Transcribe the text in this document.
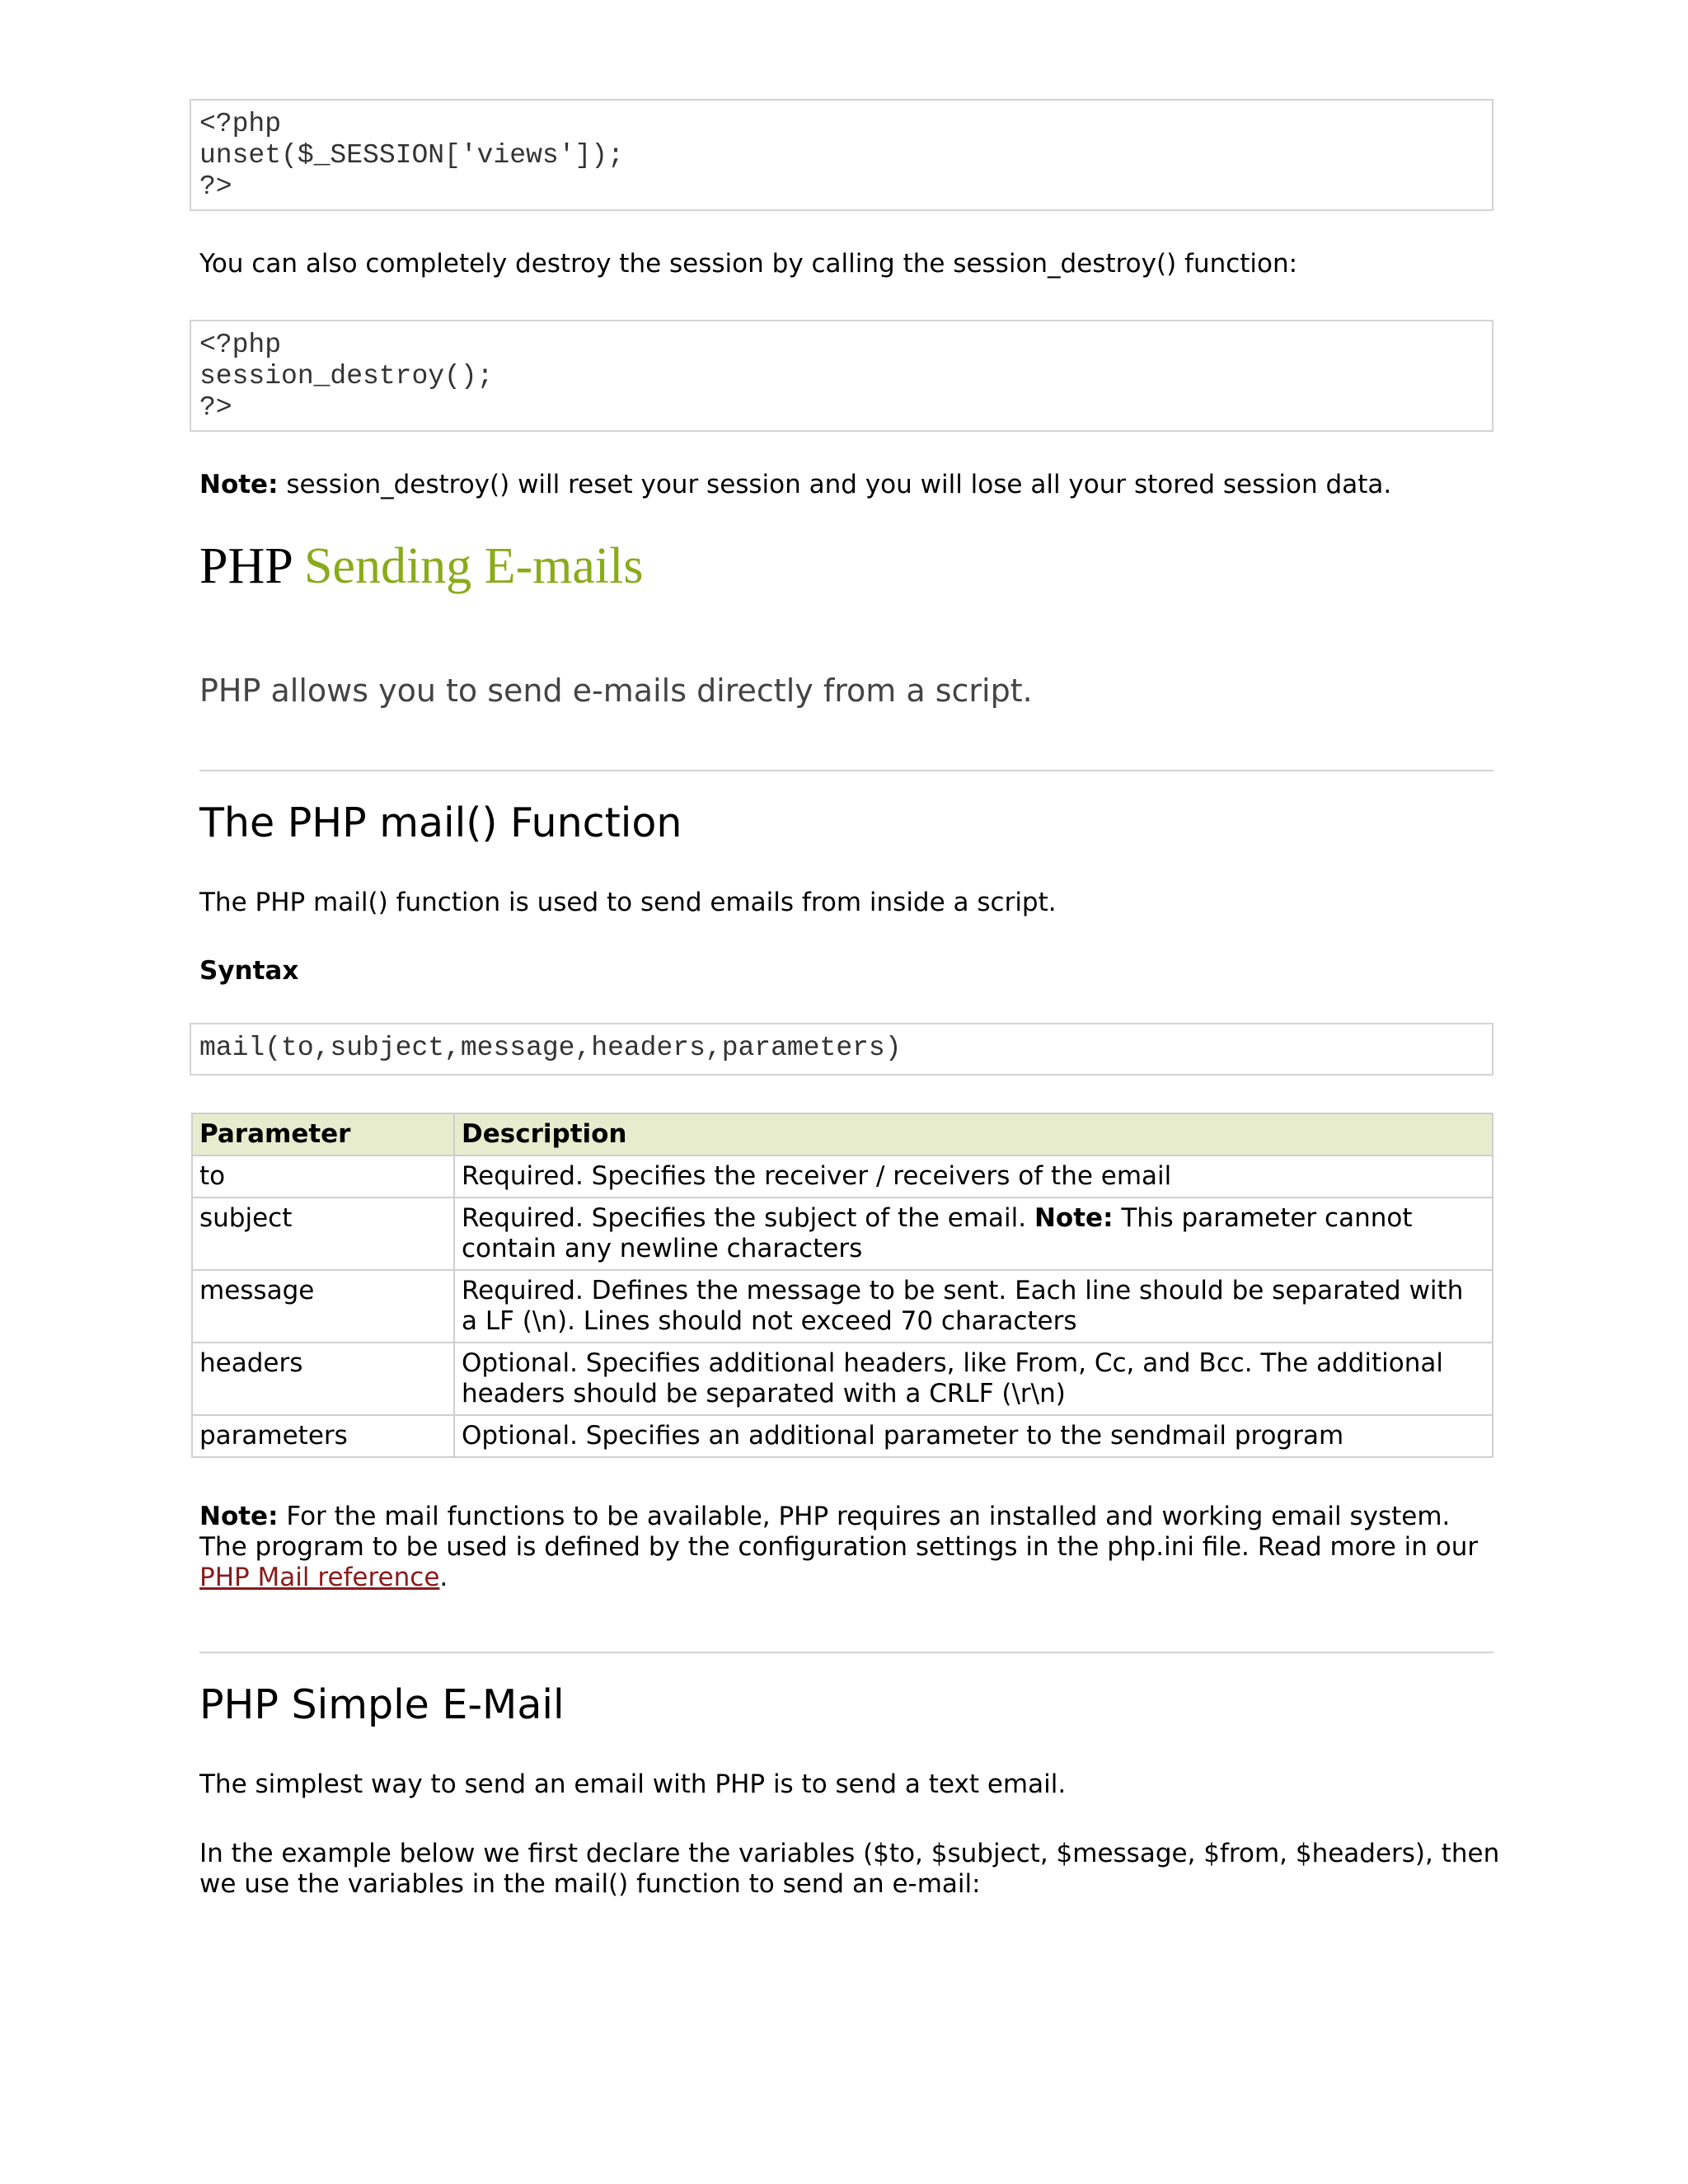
<?php
unset($_SESSION['views']);
?>

You can also completely destroy the session by calling the session_destroy() function:

<?php
session_destroy();
?>

Note: session_destroy() will reset your session and you will lose all your stored session data.

PHP Sending E-mails

PHP allows you to send e-mails directly from a script.

The PHP mail() Function

The PHP mail() function is used to send emails from inside a script.

Syntax

mail(to,subject,message,headers,parameters)
Parameter	Description
to	Required. Specifies the receiver / receivers of the email
subject	Required. Specifies the subject of the email. Note: This parameter cannot contain any newline characters
message	Required. Defines the message to be sent. Each line should be separated with a LF (\n). Lines should not exceed 70 characters
headers	Optional. Specifies additional headers, like From, Cc, and Bcc. The additional headers should be separated with a CRLF (\r\n)
parameters	Optional. Specifies an additional parameter to the sendmail program

Note: For the mail functions to be available, PHP requires an installed and working email system. The program to be used is defined by the configuration settings in the php.ini file. Read more in our PHP Mail reference.

PHP Simple E-Mail

The simplest way to send an email with PHP is to send a text email.

In the example below we first declare the variables ($to, $subject, $message, $from, $headers), then we use the variables in the mail() function to send an e-mail:
